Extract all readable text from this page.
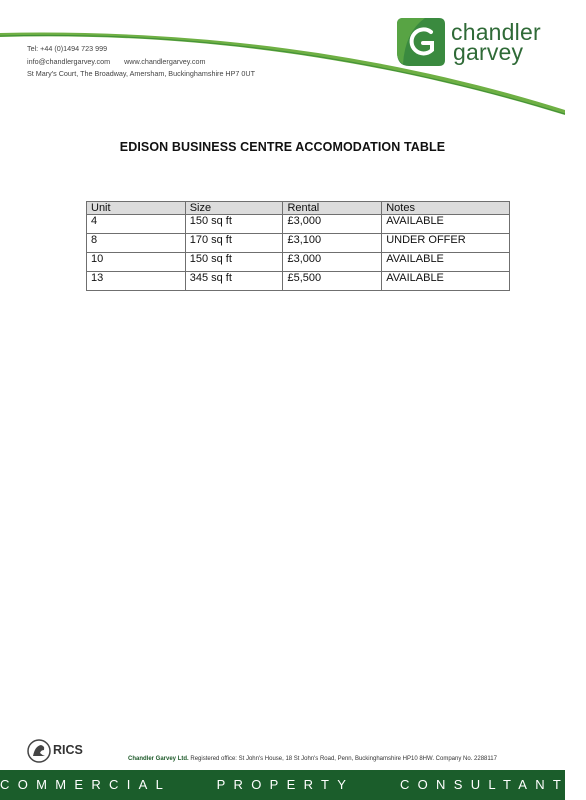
Tel: +44 (0)1494 723 999
info@chandlergarvey.com www.chandlergarvey.com
St Mary's Court, The Broadway, Amersham, Buckinghamshire HP7 0UT
chandler
garvey
EDISON BUSINESS CENTRE ACCOMODATION TABLE
Unit	Size	Rental	Notes
4	150 sq ft	£3,000	AVAILABLE
8	170 sq ft	£3,100	UNDER OFFER
10	150 sq ft	£3,000	AVAILABLE
13	345 sq ft	£5,500	AVAILABLE
RICS
Chandler Garvey Ltd. Registered office: St John's House, 18 St John's Road, Penn, Buckinghamshire HP10 8HW. Company No. 2288117
COMMERCIAL	PROPERTY	CONSULTANTS
